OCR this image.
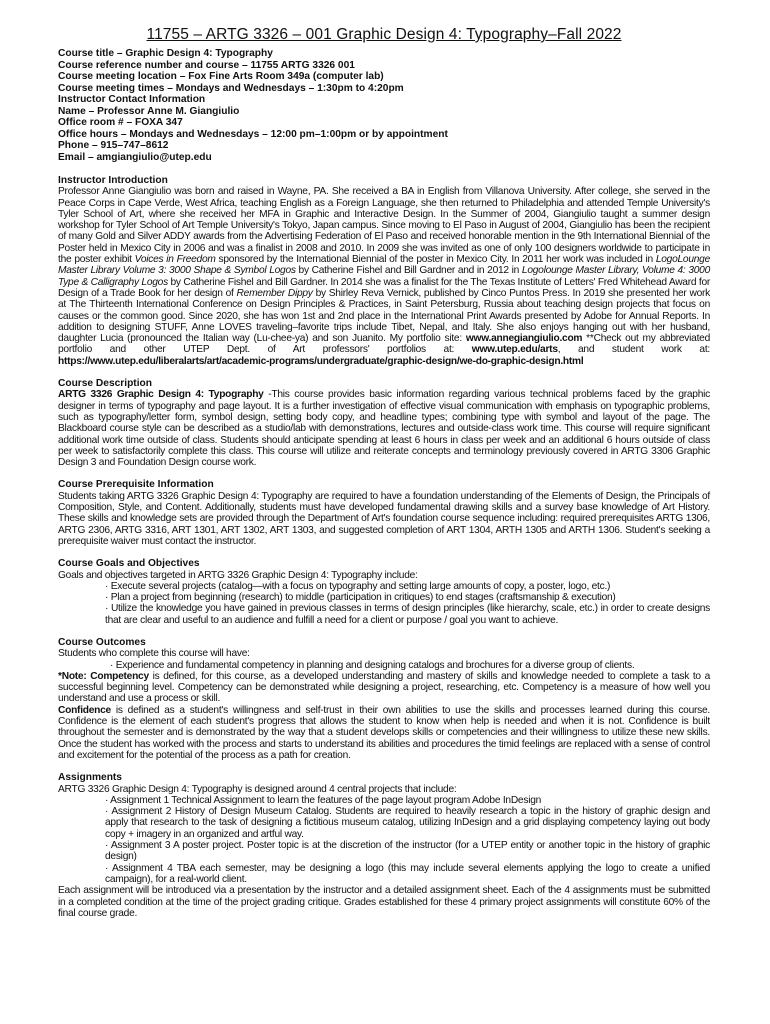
11755 – ARTG 3326 – 001 Graphic Design 4: Typography–Fall 2022
Course title – Graphic Design 4: Typography
Course reference number and course – 11755 ARTG 3326 001
Course meeting location – Fox Fine Arts Room 349a (computer lab)
Course meeting times – Mondays and Wednesdays – 1:30pm to 4:20pm
Instructor Contact Information
Name – Professor Anne M. Giangiulio
Office room # – FOXA 347
Office hours – Mondays and Wednesdays – 12:00 pm–1:00pm or by appointment
Phone – 915–747–8612
Email – amgiangiulio@utep.edu
Instructor Introduction

Professor Anne Giangiulio was born and raised in Wayne, PA. She received a BA in English from Villanova University. After college, she served in the Peace Corps in Cape Verde, West Africa, teaching English as a Foreign Language, she then returned to Philadelphia and attended Temple University's Tyler School of Art, where she received her MFA in Graphic and Interactive Design. In the Summer of 2004, Giangiulio taught a summer design workshop for Tyler School of Art Temple University's Tokyo, Japan campus. Since moving to El Paso in August of 2004, Giangiulio has been the recipient of many Gold and Silver ADDY awards from the Advertising Federation of El Paso and received honorable mention in the 9th International Biennial of the Poster held in Mexico City in 2006 and was a finalist in 2008 and 2010. In 2009 she was invited as one of only 100 designers worldwide to participate in the poster exhibit Voices in Freedom sponsored by the International Biennial of the poster in Mexico City. In 2011 her work was included in LogoLounge Master Library Volume 3: 3000 Shape & Symbol Logos by Catherine Fishel and Bill Gardner and in 2012 in Logolounge Master Library, Volume 4: 3000 Type & Calligraphy Logos by Catherine Fishel and Bill Gardner. In 2014 she was a finalist for the The Texas Institute of Letters' Fred Whitehead Award for Design of a Trade Book for her design of Remember Dippy by Shirley Reva Vernick, published by Cinco Puntos Press. In 2019 she presented her work at The Thirteenth International Conference on Design Principles & Practices, in Saint Petersburg, Russia about teaching design projects that focus on causes or the common good. Since 2020, she has won 1st and 2nd place in the International Print Awards presented by Adobe for Annual Reports. In addition to designing STUFF, Anne LOVES traveling–favorite trips include Tibet, Nepal, and Italy. She also enjoys hanging out with her husband, daughter Lucia (pronounced the Italian way (Lu-chee-ya) and son Juanito. My portfolio site: www.annegiangiulio.com **Check out my abbreviated portfolio and other UTEP Dept. of Art professors' portfolios at: www.utep.edu/arts, and student work at: https://www.utep.edu/liberalarts/art/academic-programs/undergraduate/graphic-design/we-do-graphic-design.html

Course Description

ARTG 3326 Graphic Design 4: Typography -This course provides basic information regarding various technical problems faced by the graphic designer in terms of typography and page layout. It is a further investigation of effective visual communication with emphasis on typographic problems, such as typography/letter form, symbol design, setting body copy, and headline types; combining type with symbol and layout of the page. The Blackboard course style can be described as a studio/lab with demonstrations, lectures and outside-class work time. This course will require significant additional work time outside of class. Students should anticipate spending at least 6 hours in class per week and an additional 6 hours outside of class per week to satisfactorily complete this class. This course will utilize and reiterate concepts and terminology previously covered in ARTG 3306 Graphic Design 3 and Foundation Design course work.

Course Prerequisite Information

Students taking ARTG 3326 Graphic Design 4: Typography are required to have a foundation understanding of the Elements of Design, the Principals of Composition, Style, and Content. Additionally, students must have developed fundamental drawing skills and a survey base knowledge of Art History. These skills and knowledge sets are provided through the Department of Art's foundation course sequence including: required prerequisites ARTG 1306, ARTG 2306, ARTG 3316, ART 1301, ART 1302, ART 1303, and suggested completion of ART 1304, ARTH 1305 and ARTH 1306. Student's seeking a prerequisite waiver must contact the instructor.

Course Goals and Objectives

Goals and objectives targeted in ARTG 3326 Graphic Design 4: Typography include:

· Execute several projects (catalog—with a focus on typography and setting large amounts of copy, a poster, logo, etc.)

· Plan a project from beginning (research) to middle (participation in critiques) to end stages (craftsmanship & execution)

· Utilize the knowledge you have gained in previous classes in terms of design principles (like hierarchy, scale, etc.) in order to create designs that are clear and useful to an audience and fulfill a need for a client or purpose / goal you want to achieve.

Course Outcomes

Students who complete this course will have:

· Experience and fundamental competency in planning and designing catalogs and brochures for a diverse group of clients.

*Note: Competency is defined, for this course, as a developed understanding and mastery of skills and knowledge needed to complete a task to a successful beginning level. Competency can be demonstrated while designing a project, researching, etc. Competency is a measure of how well you understand and use a process or skill.

Confidence is defined as a student's willingness and self-trust in their own abilities to use the skills and processes learned during this course. Confidence is the element of each student's progress that allows the student to know when help is needed and when it is not. Confidence is built throughout the semester and is demonstrated by the way that a student develops skills or competencies and their willingness to utilize these new skills. Once the student has worked with the process and starts to understand its abilities and procedures the timid feelings are replaced with a sense of control and excitement for the potential of the process as a path for creation.

Assignments

ARTG 3326 Graphic Design 4: Typography is designed around 4 central projects that include:

· Assignment 1 Technical Assignment to learn the features of the page layout program Adobe InDesign

· Assignment 2 History of Design Museum Catalog. Students are required to heavily research a topic in the history of graphic design and apply that research to the task of designing a fictitious museum catalog, utilizing InDesign and a grid displaying competency laying out body copy + imagery in an organized and artful way.

· Assignment 3 A poster project. Poster topic is at the discretion of the instructor (for a UTEP entity or another topic in the history of graphic design)

· Assignment 4 TBA each semester, may be designing a logo (this may include several elements applying the logo to create a unified campaign), for a real-world client.

Each assignment will be introduced via a presentation by the instructor and a detailed assignment sheet. Each of the 4 assignments must be submitted in a completed condition at the time of the project grading critique. Grades established for these 4 primary project assignments will constitute 60% of the final course grade.
